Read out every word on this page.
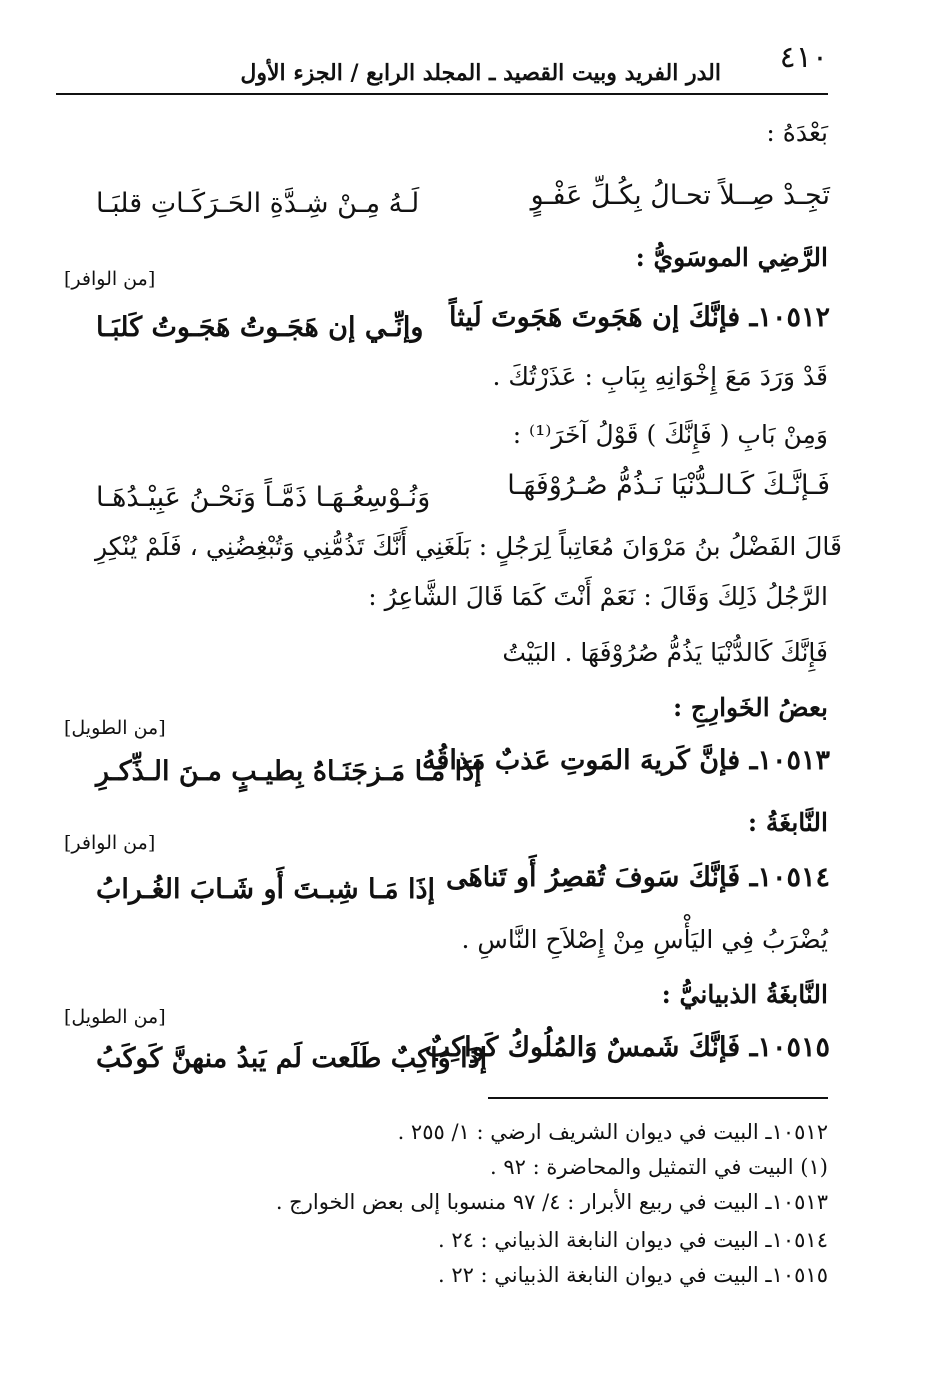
٤١٠
الدر الفريد وبيت القصيد ـ المجلد الرابع / الجزء الأول
بَعْدَهُ :
تَجِـدْ صِــلاً تحـالُ بِكُـلِّ عَفْـوٍ
لَـهُ مِـنْ شِـدَّةِ الحَـرَكَـاتِ قلبَـا
الرَّضِي الموسَويُّ :
[من الوافر]
١٠٥١٢ـ فإنَّكَ إن هَجَوتَ هَجَوتَ لَيثاً
وإنِّـي إن هَجَـوتُ هَجَـوتُ كَلبَـا
قَدْ وَرَدَ مَعَ إِخْوَانِهِ بِبَابِ : عَذَرْتُكَ .
وَمِنْ بَابِ ( فَإِنَّكَ ) قَوْلُ آخَرَ⁽¹⁾ :
فَـإنَّـكَ كَـالـدُّنْيَا نَـذُمُّ صُـرُوْفَهَـا
وَنُـوْسِعُـهَـا ذَمَّـاً وَنَحْـنُ عَبِيْـدُهَـا
قَالَ الفَضْلُ بنُ مَرْوَانَ مُعَاتِباً لِرَجُلٍ : بَلَغَنِي أَنَّكَ تَذُمُّنِي وَتُبْغِضُنِي ، فَلَمْ يُنْكِرِ
الرَّجُلُ ذَلِكَ وَقَالَ : نَعَمْ أَنْتَ كَمَا قَالَ الشَّاعِرُ :
فَإِنَّكَ كَالدُّنْيَا يَذُمُّ صُرُوْفَهَا . البَيْتُ
بعضُ الخَوارِجِ :
[من الطويل]
١٠٥١٣ـ فإنَّ كَريهَ المَوتِ عَذبٌ مَذاقُهُ
إذَا مَـا مَـزجَنَـاهُ بِطيـبٍ مـنَ الـذِّكـرِ
النَّابغَةُ :
[من الوافر]
١٠٥١٤ـ فَإنَّكَ سَوفَ تُقصِرُ أَو تَناهَى
إذَا مَـا شِبـتَ أَو شَـابَ الغُـرابُ
يُضْرَبُ فِي اليَأْسِ مِنْ إِصْلاَحِ النَّاسِ .
النَّابغَةُ الذبيانيُّ :
[من الطويل]
١٠٥١٥ـ فَإنَّكَ شَمسٌ وَالمُلُوكُ كَواكِبٌ
إذَا وَاكِبٌ طَلَعت لَم يَبدُ منهنَّ كَوكَبُ
١٠٥١٢ـ البيت في ديوان الشريف ارضي : ١/ ٢٥٥ .
(١) البيت في التمثيل والمحاضرة : ٩٢ .
١٠٥١٣ـ البيت في ربيع الأبرار : ٤/ ٩٧ منسوبا إلى بعض الخوارج .
١٠٥١٤ـ البيت في ديوان النابغة الذبياني : ٢٤ .
١٠٥١٥ـ البيت في ديوان النابغة الذبياني : ٢٢ .
